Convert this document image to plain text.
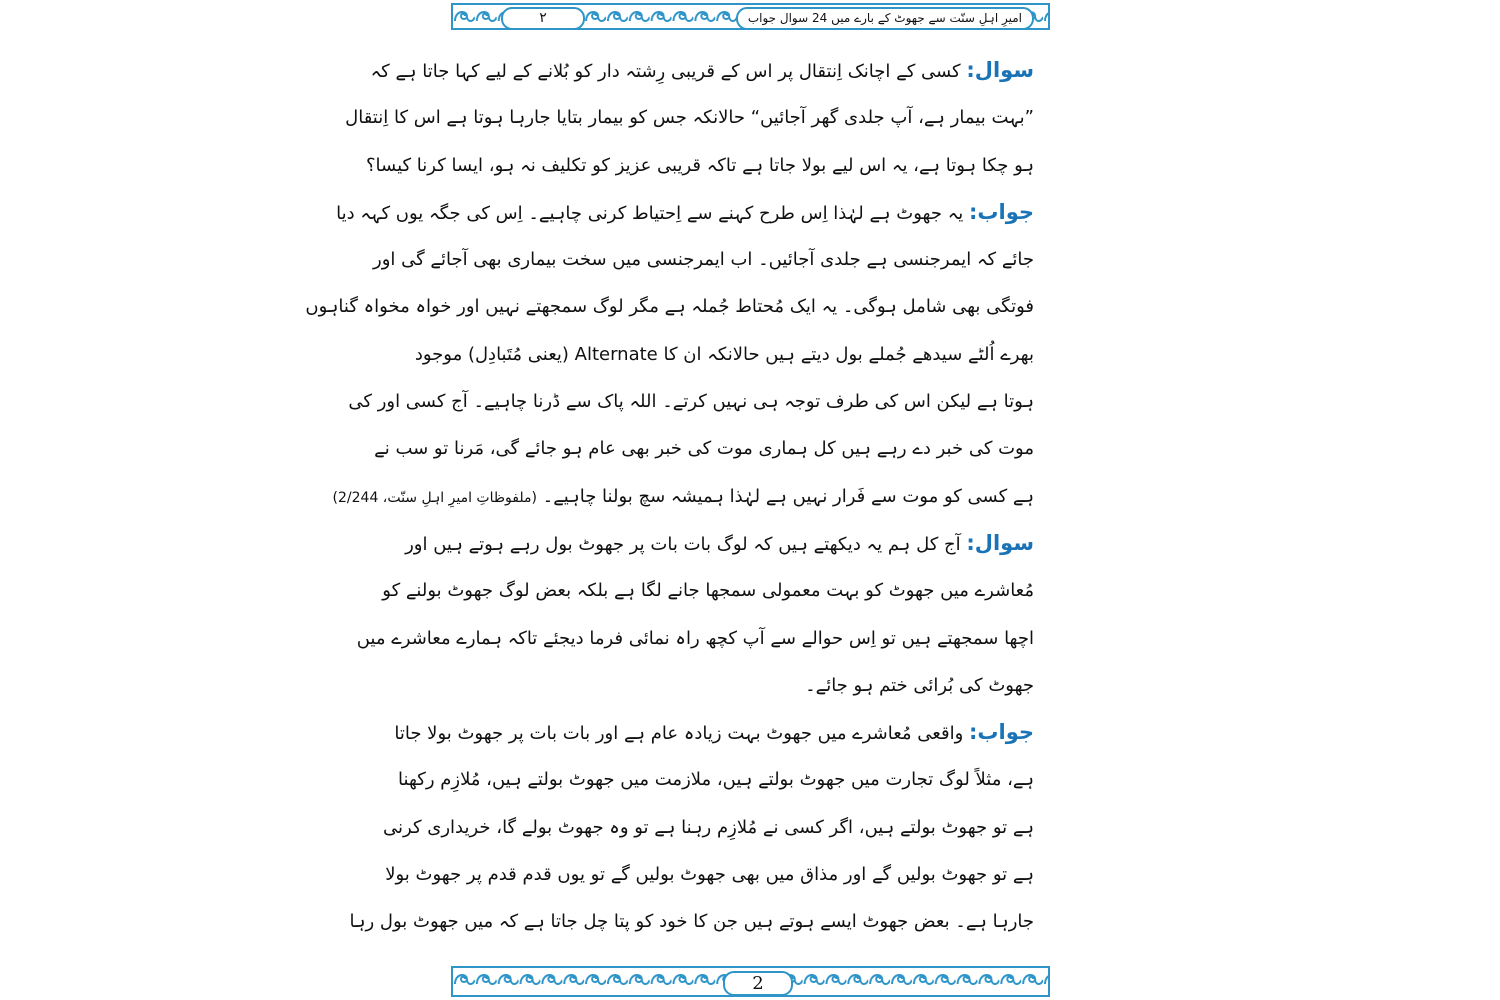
۲	امیرِ اہلِ سنّت سے جھوٹ کے بارے میں 24 سوال جواب
سوال: کسی کے اچانک اِنتقال پر اس کے قریبی رِشتہ دار کو بُلانے کے لیے کہا جاتا ہے کہ
”بہت بیمار ہے، آپ جلدی گھر آجائیں“ حالانکہ جس کو بیمار بتایا جارہا ہوتا ہے اس کا اِنتقال
ہو چکا ہوتا ہے، یہ اس لیے بولا جاتا ہے تاکہ قریبی عزیز کو تکلیف نہ ہو، ایسا کرنا کیسا؟
جواب: یہ جھوٹ ہے لہٰذا اِس طرح کہنے سے اِحتیاط کرنی چاہیے۔ اِس کی جگہ یوں کہہ دیا
جائے کہ ایمرجنسی ہے جلدی آجائیں۔ اب ایمرجنسی میں سخت بیماری بھی آجائے گی اور
فوتگی بھی شامل ہوگی۔ یہ ایک مُحتاط جُملہ ہے مگر لوگ سمجھتے نہیں اور خواہ مخواہ گناہوں
بھرے اُلٹے سیدھے جُملے بول دیتے ہیں حالانکہ ان کا Alternate (یعنی مُتَبادِل) موجود
ہوتا ہے لیکن اس کی طرف توجہ ہی نہیں کرتے۔ اللہ پاک سے ڈرنا چاہیے۔ آج کسی اور کی
موت کی خبر دے رہے ہیں کل ہماری موت کی خبر بھی عام ہو جائے گی، مَرنا تو سب نے
ہے کسی کو موت سے فَرار نہیں ہے لہٰذا ہمیشہ سچ بولنا چاہیے۔ (ملفوظاتِ امیرِ اہلِ سنّت، 2/244)
سوال: آج کل ہم یہ دیکھتے ہیں کہ لوگ بات بات پر جھوٹ بول رہے ہوتے ہیں اور
مُعاشرے میں جھوٹ کو بہت معمولی سمجھا جانے لگا ہے بلکہ بعض لوگ جھوٹ بولنے کو
اچھا سمجھتے ہیں تو اِس حوالے سے آپ کچھ راہ نمائی فرما دیجئے تاکہ ہمارے معاشرے میں
جھوٹ کی بُرائی ختم ہو جائے۔
جواب: واقعی مُعاشرے میں جھوٹ بہت زیادہ عام ہے اور بات بات پر جھوٹ بولا جاتا
ہے، مثلاً لوگ تجارت میں جھوٹ بولتے ہیں، ملازمت میں جھوٹ بولتے ہیں، مُلازِم رکھنا
ہے تو جھوٹ بولتے ہیں، اگر کسی نے مُلازِم رہنا ہے تو وہ جھوٹ بولے گا، خریداری کرنی
ہے تو جھوٹ بولیں گے اور مذاق میں بھی جھوٹ بولیں گے تو یوں قدم قدم پر جھوٹ بولا
جارہا ہے۔ بعض جھوٹ ایسے ہوتے ہیں جن کا خود کو پتا چل جاتا ہے کہ میں جھوٹ بول رہا
2
